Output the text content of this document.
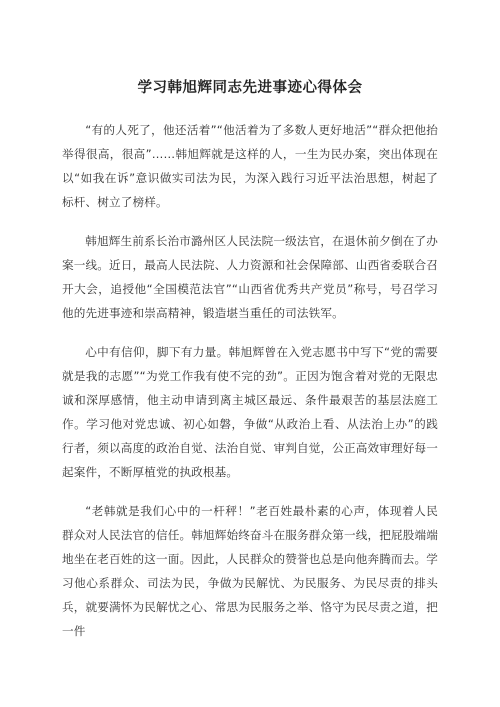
学习韩旭辉同志先进事迹心得体会

“有的人死了，他还活着”“他活着为了多数人更好地活”“群众把他抬举得很高，很高”……韩旭辉就是这样的人，一生为民办案，突出体现在以“如我在诉”意识做实司法为民，为深入践行习近平法治思想，树起了标杆、树立了榜样。

韩旭辉生前系长治市潞州区人民法院一级法官，在退休前夕倒在了办案一线。近日，最高人民法院、人力资源和社会保障部、山西省委联合召开大会，追授他“全国模范法官”“山西省优秀共产党员”称号，号召学习他的先进事迹和崇高精神，锻造堪当重任的司法铁军。

心中有信仰，脚下有力量。韩旭辉曾在入党志愿书中写下“党的需要就是我的志愿”“为党工作我有使不完的劲”。正因为饱含着对党的无限忠诚和深厚感情，他主动申请到离主城区最远、条件最艰苦的基层法庭工作。学习他对党忠诚、初心如磐，争做“从政治上看、从法治上办”的践行者，须以高度的政治自觉、法治自觉、审判自觉，公正高效审理好每一起案件，不断厚植党的执政根基。

“老韩就是我们心中的一杆秤！”老百姓最朴素的心声，体现着人民群众对人民法官的信任。韩旭辉始终奋斗在服务群众第一线，把屁股端端地坐在老百姓的这一面。因此，人民群众的赞誉也总是向他奔腾而去。学习他心系群众、司法为民，争做为民解忧、为民服务、为民尽责的排头兵，就要满怀为民解忧之心、常思为民服务之举、恪守为民尽责之道，把一件
